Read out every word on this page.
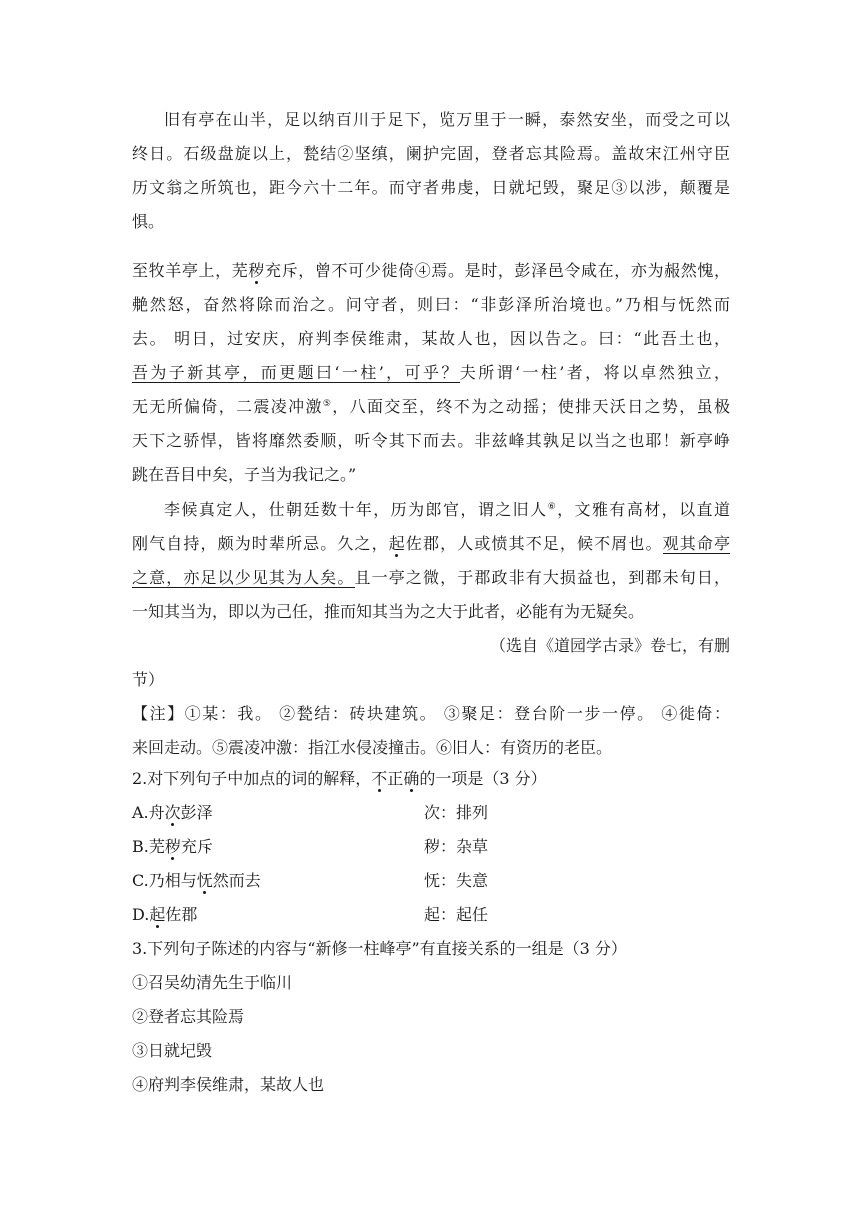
旧有亭在山半，足以纳百川于足下，览万里于一瞬，泰然安坐，而受之可以
终日。石级盘旋以上，甃结②坚缜，阑护完固，登者忘其险焉。盖故宋江州守臣
历文翁之所筑也，距今六十二年。而守者弗虔，日就圮毁，聚足③以涉，颠覆是
惧。
至牧羊亭上，芜秽充斥，曾不可少徙倚④焉。是时，彭泽邑令咸在，亦为赧然愧，
艴然怒，奋然将除而治之。问守者，则曰：“非彭泽所治境也。”乃相与怃然而
去。 明日，过安庆，府判李侯维肃，某故人也，因以告之。曰：“此吾土也，
吾为子新其亭，而更题曰‘一柱’，可乎？夫所谓‘一柱’者，将以卓然独立，
无无所偏倚，二震凌冲激⑤，八面交至，终不为之动摇；使排天沃日之势，虽极
天下之骄悍，皆将靡然委顺，听令其下而去。非兹峰其孰足以当之也耶！新亭峥
跳在吾目中矣，子当为我记之。”
李候真定人，仕朝廷数十年，历为郎官，谓之旧人⑥，文雅有高材，以直道
刚气自持，颇为时辈所忌。久之，起佐郡，人或愤其不足，候不屑也。观其命亭
之意，亦足以少见其为人矣。且一亭之微，于郡政非有大损益也，到郡未旬日，
一知其当为，即以为己任，推而知其当为之大于此者，必能有为无疑矣。
（选自《道园学古录》卷七，有删
节）
【注】①某：我。 ②甃结：砖块建筑。 ③聚足：登台阶一步一停。 ④徙倚：
来回走动。⑤震凌冲激：指江水侵凌撞击。⑥旧人：有资历的老臣。
2.对下列句子中加点的词的解释，不正确的一项是（3 分）
A.舟次彭泽	次：排列
B.芜秽充斥	秽：杂草
C.乃相与怃然而去	怃：失意
D.起佐郡	起：起任
3.下列句子陈述的内容与“新修一柱峰亭”有直接关系的一组是（3 分）
①召吴幼清先生于临川
②登者忘其险焉
③日就圮毁
④府判李侯维肃，某故人也
